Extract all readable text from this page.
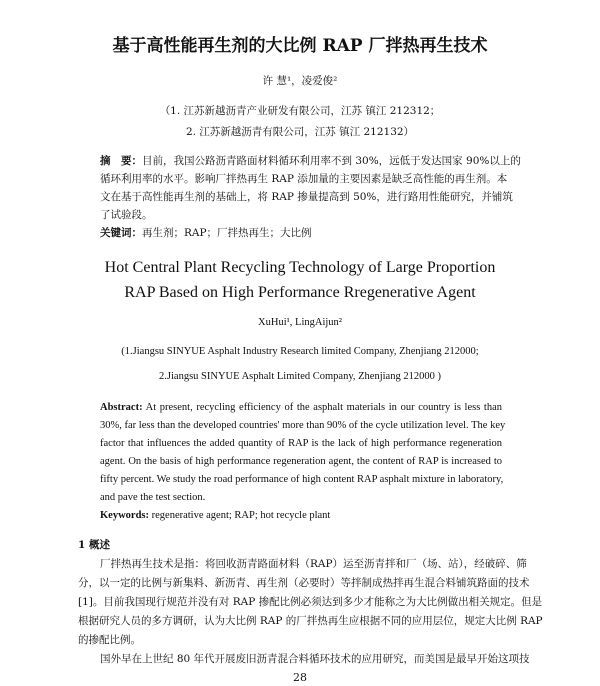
基于高性能再生剂的大比例 RAP 厂拌热再生技术
许 慧¹，凌爱俊²
（1. 江苏新越沥青产业研发有限公司，江苏 镇江 212312；
2. 江苏新越沥青有限公司，江苏 镇江 212132）
摘　要：目前，我国公路沥青路面材料循环利用率不到 30%，远低于发达国家 90%以上的
循环利用率的水平。影响厂拌热再生 RAP 添加量的主要因素是缺乏高性能的再生剂。本
文在基于高性能再生剂的基础上，将 RAP 掺量提高到 50%，进行路用性能研究，并铺筑
了试验段。
关键词：再生剂；RAP；厂拌热再生；大比例
Hot Central Plant Recycling Technology of Large Proportion
RAP Based on High Performance Rregenerative Agent
XuHui¹, LingAijun²
(1.Jiangsu SINYUE Asphalt Industry Research limited Company, Zhenjiang 212000;
2.Jiangsu SINYUE Asphalt Limited Company, Zhenjiang 212000 )
Abstract: At present, recycling efficiency of the asphalt materials in our country is less than
30%, far less than the developed countries' more than 90% of the cycle utilization level. The key
factor that influences the added quantity of RAP is the lack of high performance regeneration
agent. On the basis of high performance regeneration agent, the content of RAP is increased to
fifty percent. We study the road performance of high content RAP asphalt mixture in laboratory,
and pave the test section.
Keywords: regenerative agent; RAP; hot recycle plant
1 概述
厂拌热再生技术是指：将回收沥青路面材料（RAP）运至沥青拌和厂（场、站），经破碎、筛
分，以一定的比例与新集料、新沥青、再生剂（必要时）等拌制成热拌再生混合料铺筑路面的技术
[1]。目前我国现行规范并没有对 RAP 掺配比例必须达到多少才能称之为大比例做出相关规定。但是
根据研究人员的多方调研，认为大比例 RAP 的厂拌热再生应根据不同的应用层位，规定大比例 RAP
的掺配比例。
国外早在上世纪 80 年代开展废旧沥青混合料循环技术的应用研究，而美国是最早开始这项技
28
